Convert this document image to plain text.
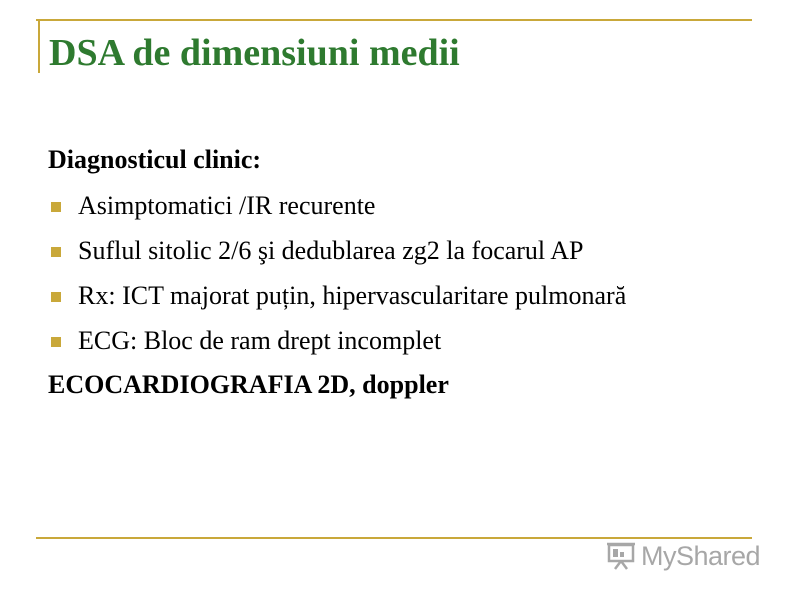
DSA de dimensiuni medii
Diagnosticul clinic:
Asimptomatici /IR recurente
Suflul sitolic 2/6 şi dedublarea zg2 la focarul AP
Rx: ICT majorat puțin, hipervascularitare pulmonară
ECG: Bloc de ram drept incomplet
ECOCARDIOGRAFIA 2D, doppler
MyShared
